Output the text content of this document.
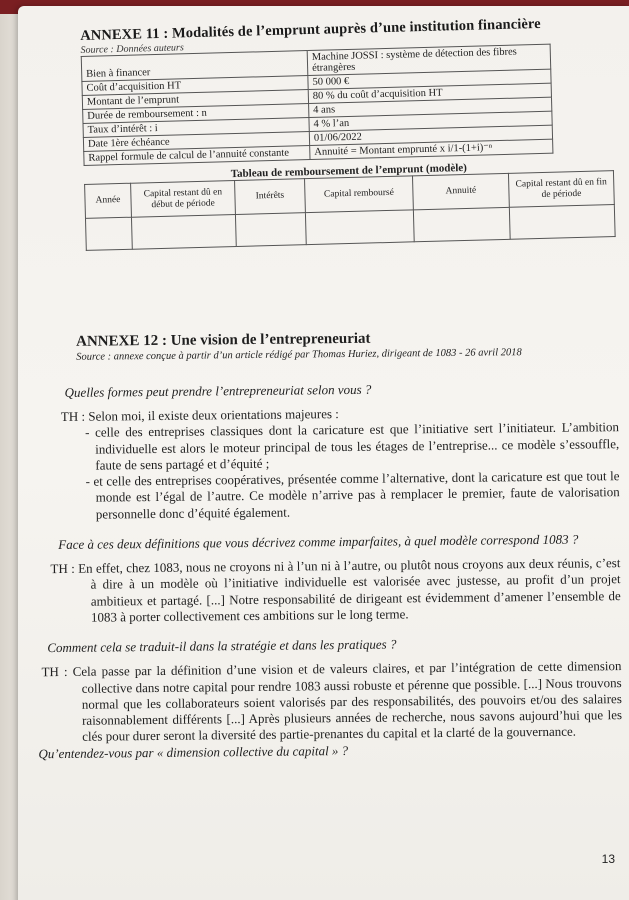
ANNEXE 11 : Modalités de l’emprunt auprès d’une institution financière
Source : Données auteurs
Bien à financer	Machine JOSSI : système de détection des fibres étrangères
Coût d’acquisition HT	50 000 €
Montant de l’emprunt	80 % du coût d’acquisition HT
Durée de remboursement : n	4 ans
Taux d’intérêt : i	4 % l’an
Date 1ère échéance	01/06/2022
Rappel formule de calcul de l’annuité constante	Annuité = Montant emprunté x i/1-(1+i)⁻ⁿ
Tableau de remboursement de l’emprunt (modèle)
Année	Capital restant dû en début de période	Intérêts	Capital remboursé	Annuité	Capital restant dû en fin de période

ANNEXE 12 : Une vision de l’entrepreneuriat
Source : annexe conçue à partir d’un article rédigé par Thomas Huriez, dirigeant de 1083 - 26 avril 2018
Quelles formes peut prendre l’entrepreneuriat selon vous ?
TH : Selon moi, il existe deux orientations majeures :
- celle des entreprises classiques dont la caricature est que l’initiative sert l’initiateur. L’ambition individuelle est alors le moteur principal de tous les étages de l’entreprise... ce modèle s’essouffle, faute de sens partagé et d’équité ;
- et celle des entreprises coopératives, présentée comme l’alternative, dont la caricature est que tout le monde est l’égal de l’autre. Ce modèle n’arrive pas à remplacer le premier, faute de valorisation personnelle donc d’équité également.
Face à ces deux définitions que vous décrivez comme imparfaites, à quel modèle correspond 1083 ?
TH : En effet, chez 1083, nous ne croyons ni à l’un ni à l’autre, ou plutôt nous croyons aux deux réunis, c’est à dire à un modèle où l’initiative individuelle est valorisée avec justesse, au profit d’un projet ambitieux et partagé. [...] Notre responsabilité de dirigeant est évidemment d’amener l’ensemble de 1083 à porter collectivement ces ambitions sur le long terme.
Comment cela se traduit-il dans la stratégie et dans les pratiques ?
TH : Cela passe par la définition d’une vision et de valeurs claires, et par l’intégration de cette dimension collective dans notre capital pour rendre 1083 aussi robuste et pérenne que possible. [...] Nous trouvons normal que les collaborateurs soient valorisés par des responsabilités, des pouvoirs et/ou des salaires raisonnablement différents [...] Après plusieurs années de recherche, nous savons aujourd’hui que les clés pour durer seront la diversité des partie-prenantes du capital et la clarté de la gouvernance.
Qu’entendez-vous par « dimension collective du capital » ?
13
